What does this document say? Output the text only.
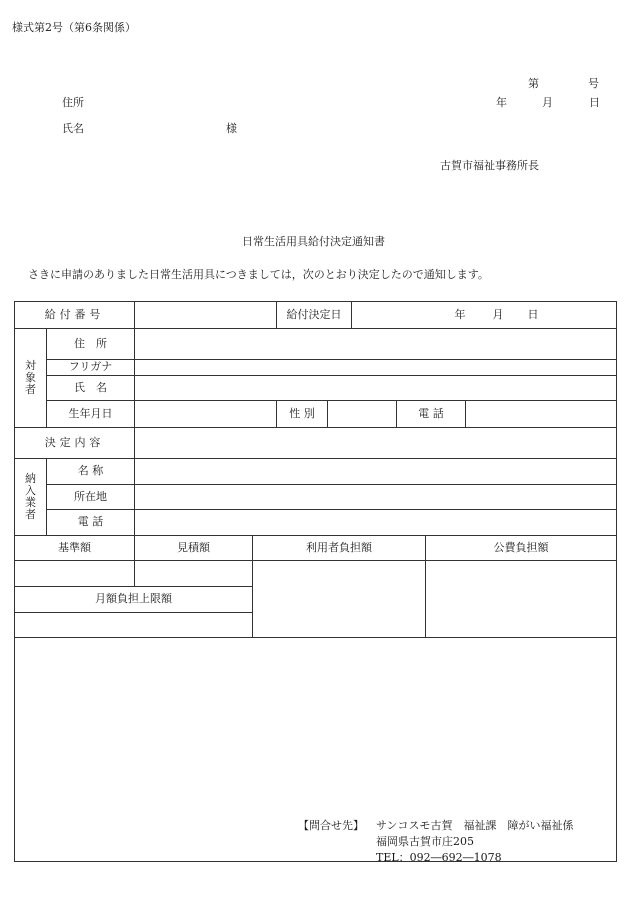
様式第2号（第6条関係）
第	号
年	月	日
住所
氏名	様
古賀市福祉事務所長
日常生活用具給付決定通知書
さきに申請のありました日常生活用具につきましては，次のとおり決定したので通知します。
給付番号				給付決定日		年 月 日			

対
象
者	住　所								
	フリガナ								
	氏　名								
	生年月日			性 別			電 話		
決定内容									

納
入
業
者	名 称								
	所在地								
	電 話								
基準額		見積額	利用者負担額					公費負担額	

月額負担上限額									

【問合せ先】 サンコスモ古賀　福祉課　障がい福祉係
福岡県古賀市庄205
TEL：092―692―1078
